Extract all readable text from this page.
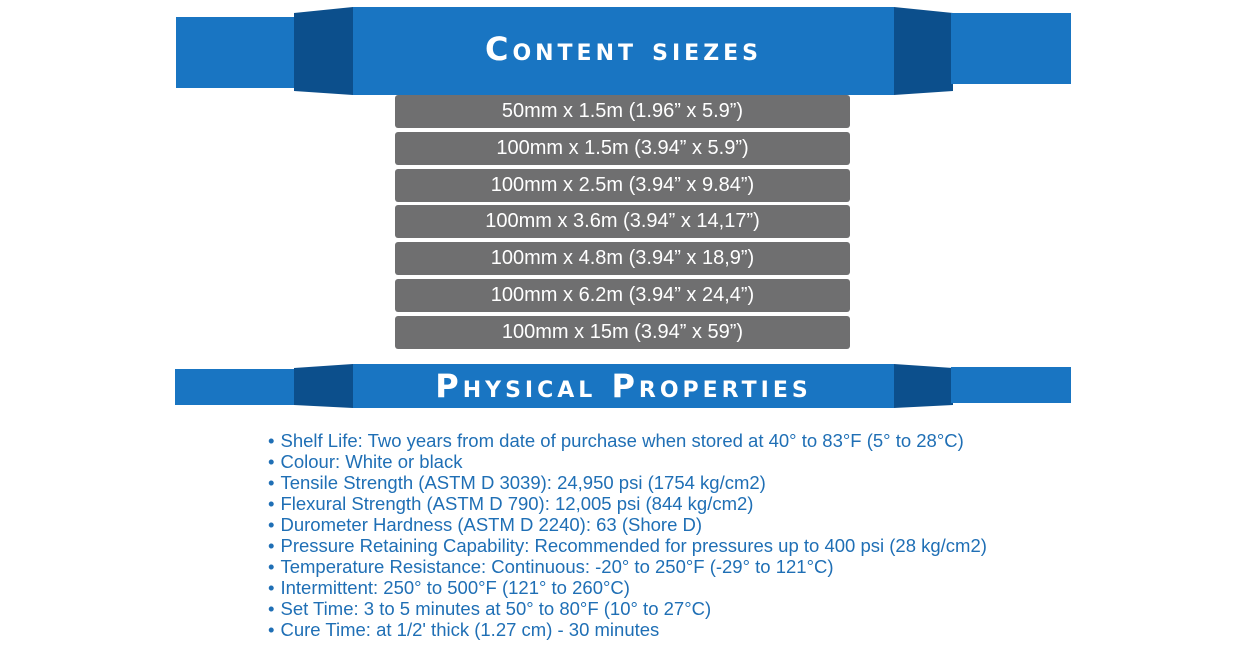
Content siezes
50mm x 1.5m (1.96” x 5.9”)
100mm x 1.5m (3.94” x 5.9”)
100mm x 2.5m (3.94” x 9.84”)
100mm x 3.6m (3.94” x 14,17”)
100mm x 4.8m (3.94” x 18,9”)
100mm x 6.2m (3.94” x 24,4”)
100mm x 15m (3.94” x 59”)
Physical Properties
• Shelf Life: Two years from date of purchase when stored at 40° to 83°F (5° to 28°C)
• Colour: White or black
• Tensile Strength (ASTM D 3039): 24,950 psi (1754 kg/cm2)
• Flexural Strength (ASTM D 790): 12,005 psi (844 kg/cm2)
• Durometer Hardness (ASTM D 2240): 63 (Shore D)
• Pressure Retaining Capability: Recommended for pressures up to 400 psi (28 kg/cm2)
• Temperature Resistance: Continuous: -20° to 250°F (-29° to 121°C)
• Intermittent: 250° to 500°F (121° to 260°C)
• Set Time: 3 to 5 minutes at 50° to 80°F (10° to 27°C)
• Cure Time: at 1/2' thick (1.27 cm) - 30 minutes
